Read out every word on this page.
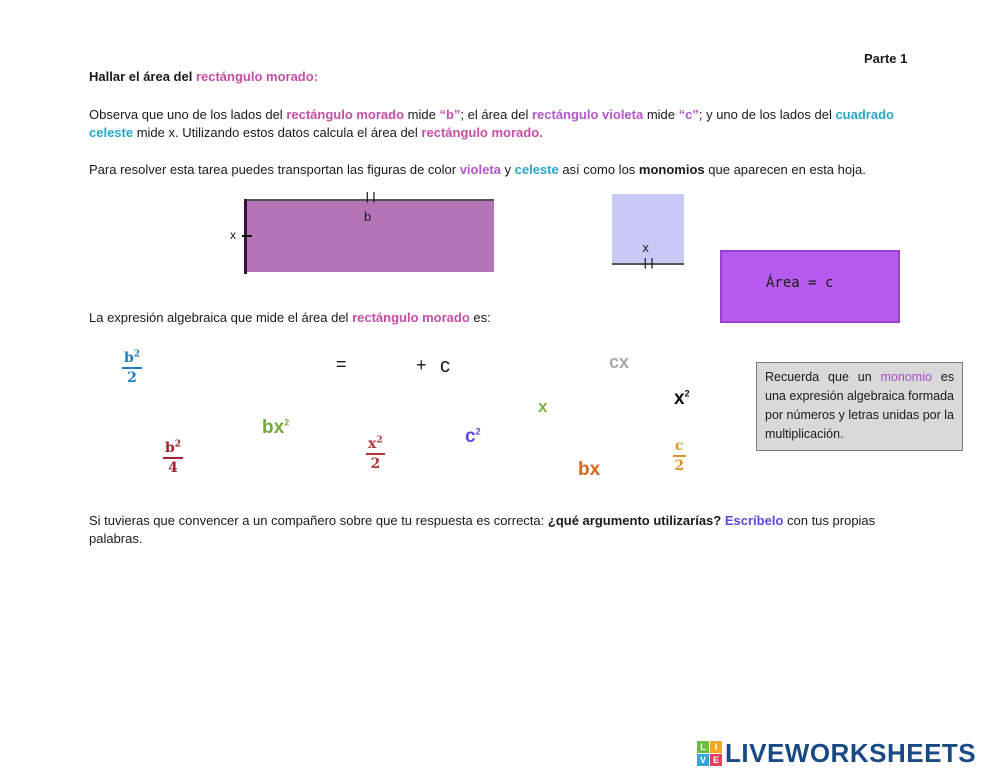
Parte 1
Hallar el área del rectángulo morado:
Observa que uno de los lados del rectángulo morado mide “b”; el área del rectángulo violeta mide “c”; y uno de los lados del cuadrado celeste mide x. Utilizando estos datos calcula el área del rectángulo morado.
Para resolver esta tarea puedes transportan las figuras de color violeta y celeste así como los monomios que aparecen en esta hoja.
||
b
x
x
||
Área = c
La expresión algebraica que mide el área del rectángulo morado es:
=	+ c
$\frac{b^2}{2}$	cx
$x^2$
x
$bx^2$
$\frac{b^2}{4}$	$\frac{x^2}{2}$	$c^2$
bx	$\frac{c}{2}$
Recuerda que un monomio es una expresión algebraica formada por números y letras unidas por la multiplicación.
Si tuvieras que convencer a un compañero sobre que tu respuesta es correcta: ¿qué argumento utilizarías? Escríbelo con tus propias palabras.
L I
V E LIVEWORKSHEETS
